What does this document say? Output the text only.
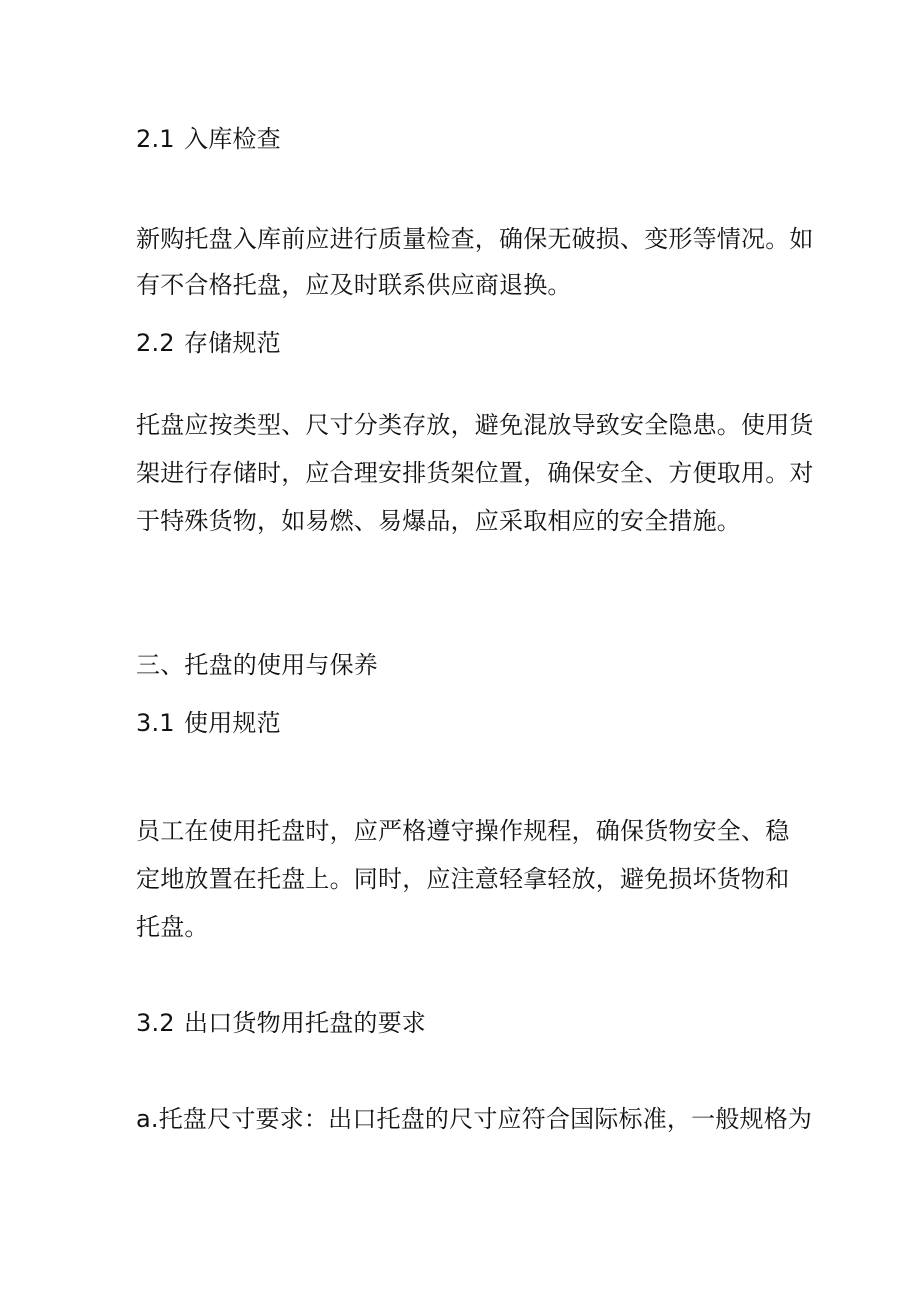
2.1 入库检查
新购托盘入库前应进行质量检查，确保无破损、变形等情况。如
有不合格托盘，应及时联系供应商退换。
2.2 存储规范
托盘应按类型、尺寸分类存放，避免混放导致安全隐患。使用货
架进行存储时，应合理安排货架位置，确保安全、方便取用。对
于特殊货物，如易燃、易爆品，应采取相应的安全措施。
三、托盘的使用与保养
3.1 使用规范
员工在使用托盘时，应严格遵守操作规程，确保货物安全、稳
定地放置在托盘上。同时，应注意轻拿轻放，避免损坏货物和
托盘。
3.2 出口货物用托盘的要求
a.托盘尺寸要求：出口托盘的尺寸应符合国际标准，一般规格为
